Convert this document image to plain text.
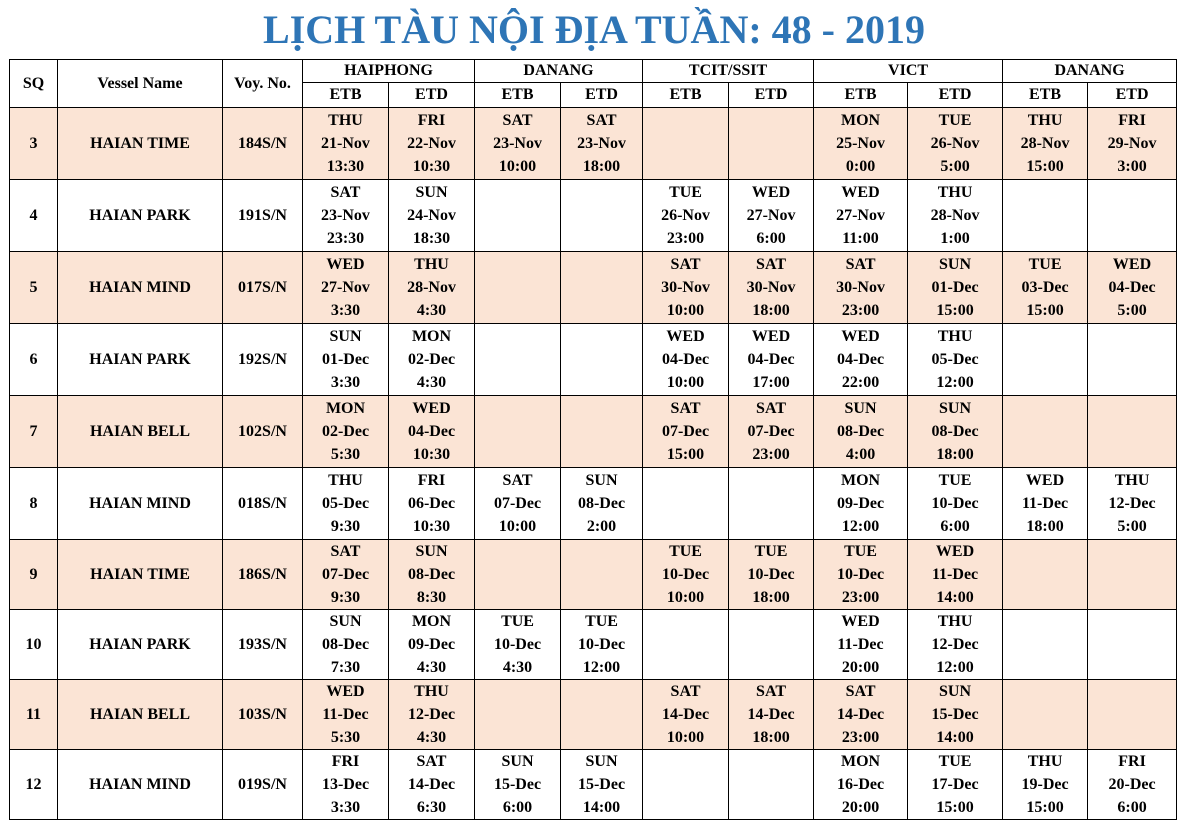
LỊCH TÀU NỘI ĐỊA TUẦN: 48 - 2019
SQ	Vessel Name	Voy. No.	HAIPHONG		DANANG		TCIT/SSIT		VICT		DANANG	
			ETB	ETD	ETB	ETD	ETB	ETD	ETB	ETD	ETB	ETD
3	HAIAN TIME	184S/N	THU
21-Nov
13:30	FRI
22-Nov
10:30	SAT
23-Nov
10:00	SAT
23-Nov
18:00			MON
25-Nov
0:00	TUE
26-Nov
5:00	THU
28-Nov
15:00	FRI
29-Nov
3:00

4	HAIAN PARK	191S/N	SAT
23-Nov
23:30	SUN
24-Nov
18:30			TUE
26-Nov
23:00	WED
27-Nov
6:00	WED
27-Nov
11:00	THU
28-Nov
1:00		

5	HAIAN MIND	017S/N	WED
27-Nov
3:30	THU
28-Nov
4:30			SAT
30-Nov
10:00	SAT
30-Nov
18:00	SAT
30-Nov
23:00	SUN
01-Dec
15:00	TUE
03-Dec
15:00	WED
04-Dec
5:00

6	HAIAN PARK	192S/N	SUN
01-Dec
3:30	MON
02-Dec
4:30			WED
04-Dec
10:00	WED
04-Dec
17:00	WED
04-Dec
22:00	THU
05-Dec
12:00		

7	HAIAN BELL	102S/N	MON
02-Dec
5:30	WED
04-Dec
10:30			SAT
07-Dec
15:00	SAT
07-Dec
23:00	SUN
08-Dec
4:00	SUN
08-Dec
18:00		

8	HAIAN MIND	018S/N	THU
05-Dec
9:30	FRI
06-Dec
10:30	SAT
07-Dec
10:00	SUN
08-Dec
2:00			MON
09-Dec
12:00	TUE
10-Dec
6:00	WED
11-Dec
18:00	THU
12-Dec
5:00

9	HAIAN TIME	186S/N	SAT
07-Dec
9:30	SUN
08-Dec
8:30			TUE
10-Dec
10:00	TUE
10-Dec
18:00	TUE
10-Dec
23:00	WED
11-Dec
14:00		

10	HAIAN PARK	193S/N	SUN
08-Dec
7:30	MON
09-Dec
4:30	TUE
10-Dec
4:30	TUE
10-Dec
12:00			WED
11-Dec
20:00	THU
12-Dec
12:00		

11	HAIAN BELL	103S/N	WED
11-Dec
5:30	THU
12-Dec
4:30			SAT
14-Dec
10:00	SAT
14-Dec
18:00	SAT
14-Dec
23:00	SUN
15-Dec
14:00		

12	HAIAN MIND	019S/N	FRI
13-Dec
3:30	SAT
14-Dec
6:30	SUN
15-Dec
6:00	SUN
15-Dec
14:00			MON
16-Dec
20:00	TUE
17-Dec
15:00	THU
19-Dec
15:00	FRI
20-Dec
6:00
